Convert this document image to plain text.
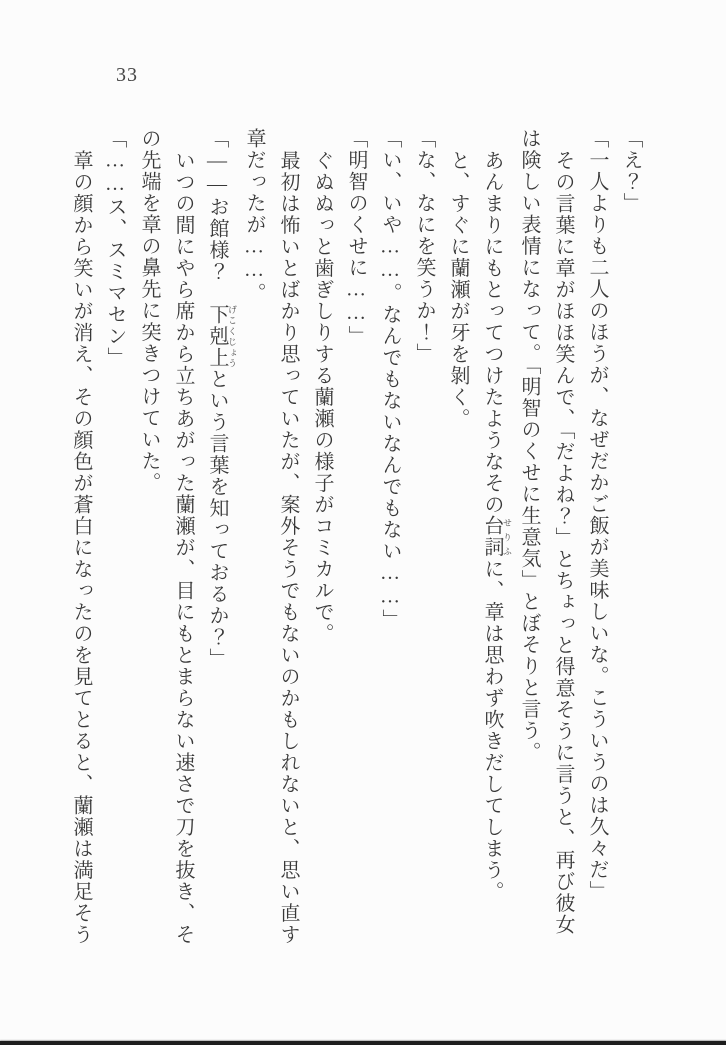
33

「え？」

「一人よりも二人のほうが、なぜだかご飯が美味しいな。こういうのは久々だ」

その言葉に章がほほ笑んで、「だよね？」とちょっと得意そうに言うと、再び彼女

は険しい表情になって。「明智のくせに生意気」とぼそりと言う。

あんまりにもとってつけたようなその台詞 せりふに、章は思わず吹きだしてしまう。

と、すぐに蘭瀬が牙を剝く。

「な、なにを笑うか！」

「い、いや……。なんでもないなんでもない……」

「明智のくせに……」

ぐぬぬっと歯ぎしりする蘭瀬の様子がコミカルで。

最初は怖いとばかり思っていたが、案外そうでもないのかもしれないと、思い直す

章だったが……。

「――お館様？　下剋上 げこくじょうという言葉を知っておるか？」

いつの間にやら席から立ちあがった蘭瀬が、目にもとまらない速さで刀を抜き、そ

の先端を章の鼻先に突きつけていた。

「……ス、スミマセン」

章の顔から笑いが消え、その顔色が蒼白になったのを見てとると、蘭瀬は満足そう
